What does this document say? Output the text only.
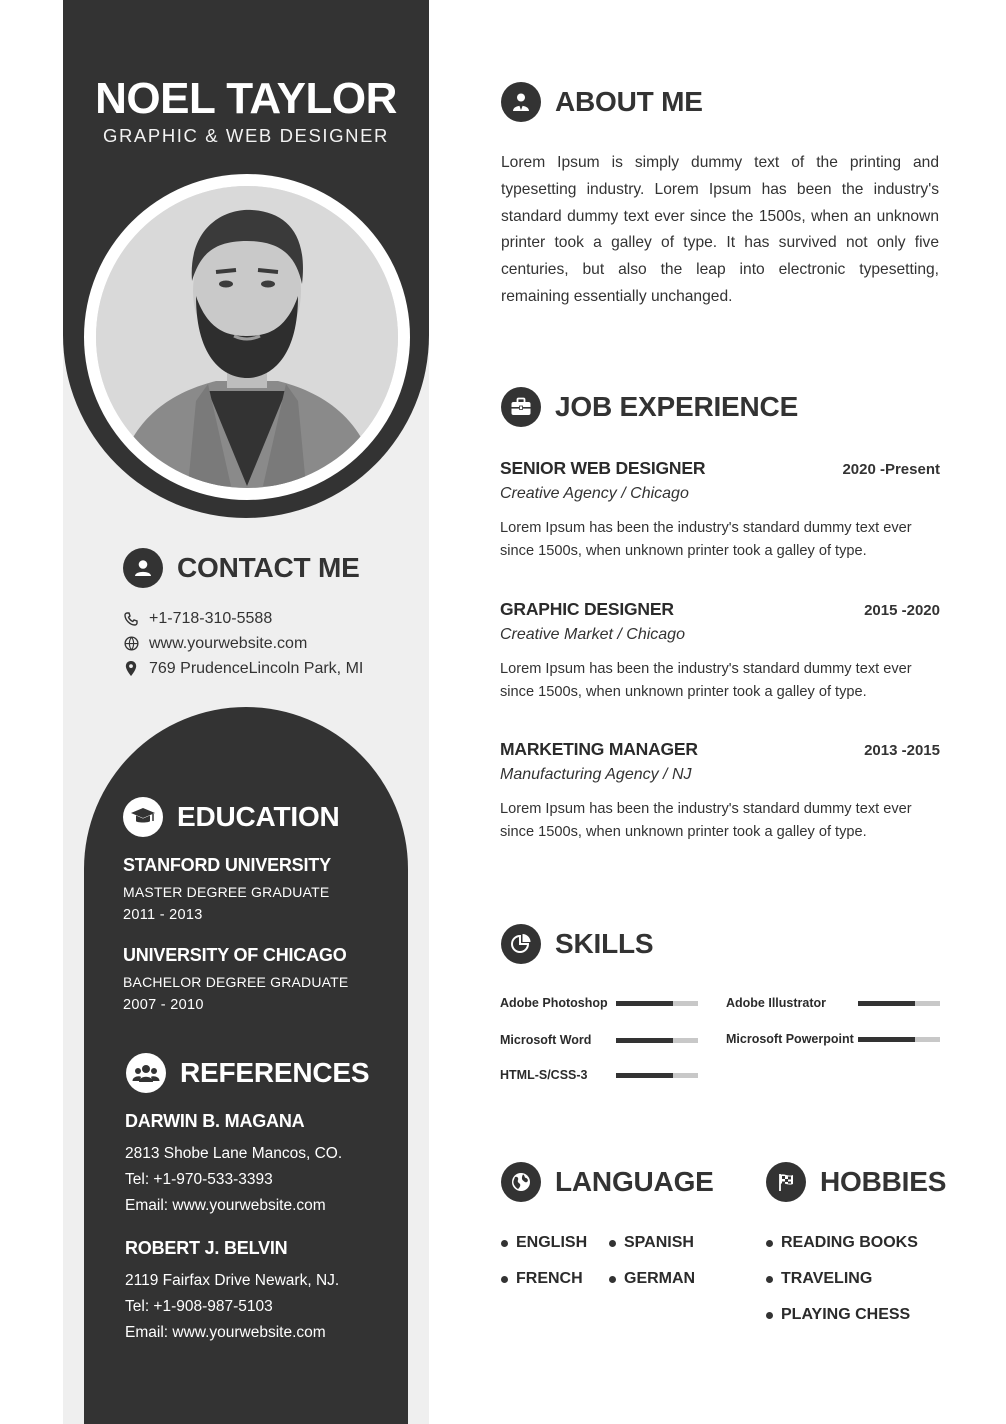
NOEL TAYLOR
GRAPHIC & WEB DESIGNER
CONTACT ME
+1-718-310-5588
www.yourwebsite.com
769 PrudenceLincoln Park, MI
EDUCATION
STANFORD UNIVERSITY
MASTER DEGREE GRADUATE
2011 - 2013
UNIVERSITY OF CHICAGO
BACHELOR DEGREE GRADUATE
2007 - 2010
REFERENCES
DARWIN B. MAGANA
2813 Shobe Lane Mancos, CO.
Tel: +1-970-533-3393
Email: www.yourwebsite.com
ROBERT J. BELVIN
2119 Fairfax Drive Newark, NJ.
Tel: +1-908-987-5103
Email: www.yourwebsite.com
ABOUT ME
Lorem Ipsum is simply dummy text of the printing and typesetting industry. Lorem Ipsum has been the industry's standard dummy text ever since the 1500s, when an unknown printer took a galley of type. It has survived not only five centuries, but also the leap into electronic typesetting, remaining essentially unchanged.
JOB EXPERIENCE
SENIOR WEB DESIGNER	2020 -Present
Creative Agency / Chicago
Lorem Ipsum has been the industry's standard dummy text ever since 1500s, when unknown printer took a galley of type.
GRAPHIC DESIGNER	2015 -2020
Creative Market / Chicago
Lorem Ipsum has been the industry's standard dummy text ever since 1500s, when unknown printer took a galley of type.
MARKETING MANAGER	2013 -2015
Manufacturing Agency / NJ
Lorem Ipsum has been the industry's standard dummy text ever since 1500s, when unknown printer took a galley of type.
SKILLS
Adobe Photoshop	Adobe Illustrator
Microsoft Word	Microsoft Powerpoint
HTML-S/CSS-3
LANGUAGE
ENGLISH SPANISH
FRENCH	GERMAN
HOBBIES
READING BOOKS
TRAVELING
PLAYING CHESS
